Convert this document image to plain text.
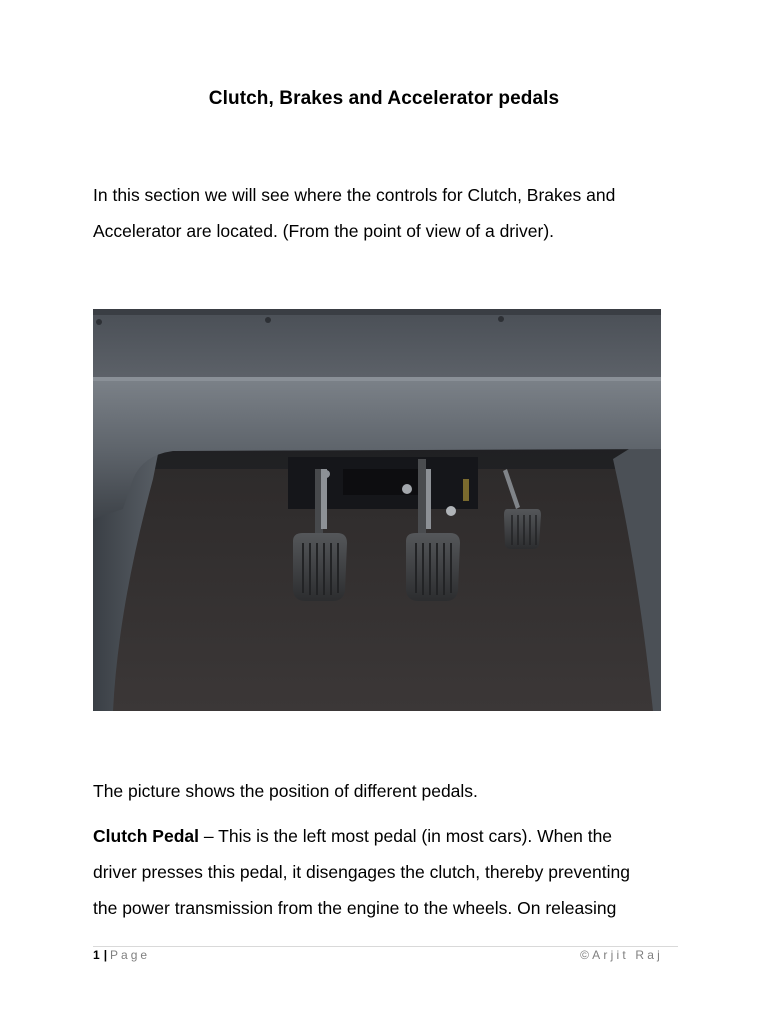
Clutch, Brakes and Accelerator pedals
In this section we will see where the controls for Clutch, Brakes and
Accelerator are located. (From the point of view of a driver).
The picture shows the position of different pedals.
Clutch Pedal – This is the left most pedal (in most cars). When the
driver presses this pedal, it disengages the clutch, thereby preventing
the power transmission from the engine to the wheels. On releasing
1 | Page	©Arjit Raj
